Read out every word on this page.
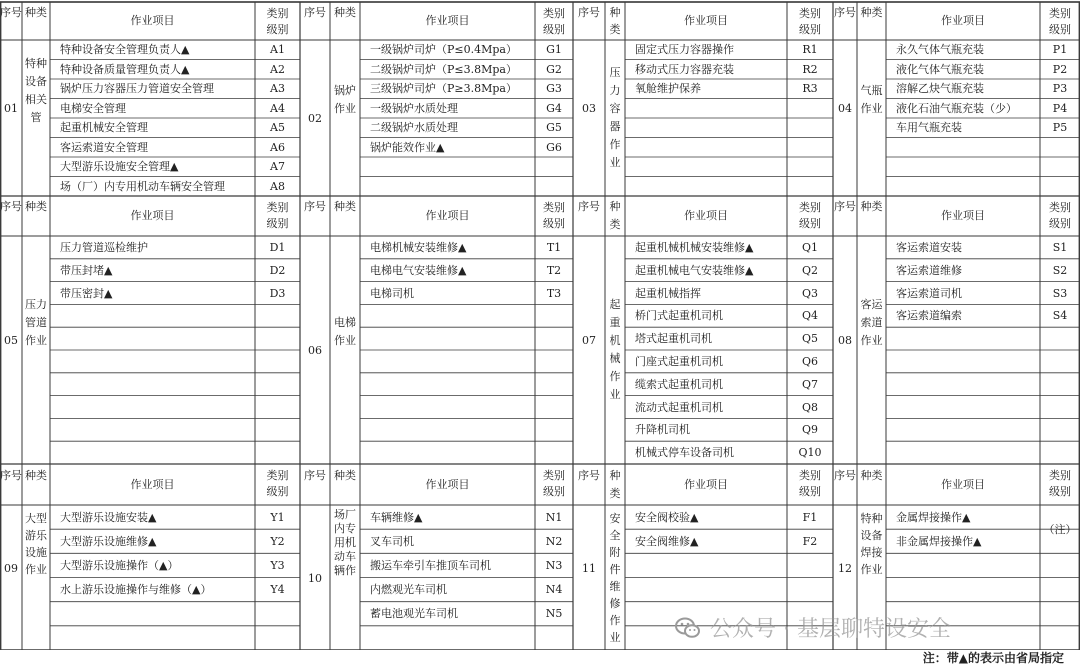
序号 种类
作业项目
类别级别
01
特种设备相关管
特种设备安全管理负责人▲	A1
特种设备质量管理负责人▲	A2
锅炉压力容器压力管道安全管理	A3
电梯安全管理	A4
起重机械安全管理	A5
客运索道安全管理	A6
大型游乐设施安全管理▲	A7
场（厂）内专用机动车辆安全管理	A8
序号 种类
作业项目
类别级别
02
锅炉作业
一级锅炉司炉（P≤0.4Mpa）	G1
二级锅炉司炉（P≤3.8Mpa）	G2
三级锅炉司炉（P≥3.8Mpa）	G3
一级锅炉水质处理	G4
二级锅炉水质处理	G5
锅炉能效作业▲	G6
序号 种类
作业项目
类别级别
03
压力容器作业
固定式压力容器操作	R1
移动式压力容器充装	R2
氧舱维护保养	R3
序号 种类
作业项目
类别级别
04
气瓶作业
永久气体气瓶充装	P1
液化气体气瓶充装	P2
溶解乙炔气瓶充装	P3
液化石油气瓶充装（少）	P4
车用气瓶充装	P5
序号 种类
作业项目
类别级别
05
压力管道作业
压力管道巡检维护	D1
带压封堵▲	D2
带压密封▲	D3
序号 种类
作业项目
类别级别
06
电梯作业
电梯机械安装维修▲	T1
电梯电气安装维修▲	T2
电梯司机	T3
序号 种类
作业项目
类别级别
07
起重机械作业
起重机械机械安装维修▲	Q1
起重机械电气安装维修▲	Q2
起重机械指挥	Q3
桥门式起重机司机	Q4
塔式起重机司机	Q5
门座式起重机司机	Q6
缆索式起重机司机	Q7
流动式起重机司机	Q8
升降机司机	Q9
机械式停车设备司机	Q10
序号 种类
作业项目
类别级别
08
客运索道作业
客运索道安装	S1
客运索道维修	S2
客运索道司机	S3
客运索道编索	S4
序号 种类
作业项目
类别级别
09
大型游乐设施作业
大型游乐设施安装▲	Y1
大型游乐设施维修▲	Y2
大型游乐设施操作（▲）	Y3
水上游乐设施操作与维修（▲）	Y4
序号 种类
作业项目
类别级别
10
场厂内专用机动车辆作
车辆维修▲	N1
叉车司机	N2
搬运车牵引车推顶车司机	N3
内燃观光车司机	N4
蓄电池观光车司机	N5
序号 种类
作业项目
类别级别
11
安全附件维修作业
安全阀校验▲	F1
安全阀维修▲	F2
序号 种类
作业项目
类别级别
12
特种设备焊接作业
金属焊接操作▲
非金属焊接操作▲
（注）
注：带▲的表示由省局指定
公众号 · 基层聊特设安全
